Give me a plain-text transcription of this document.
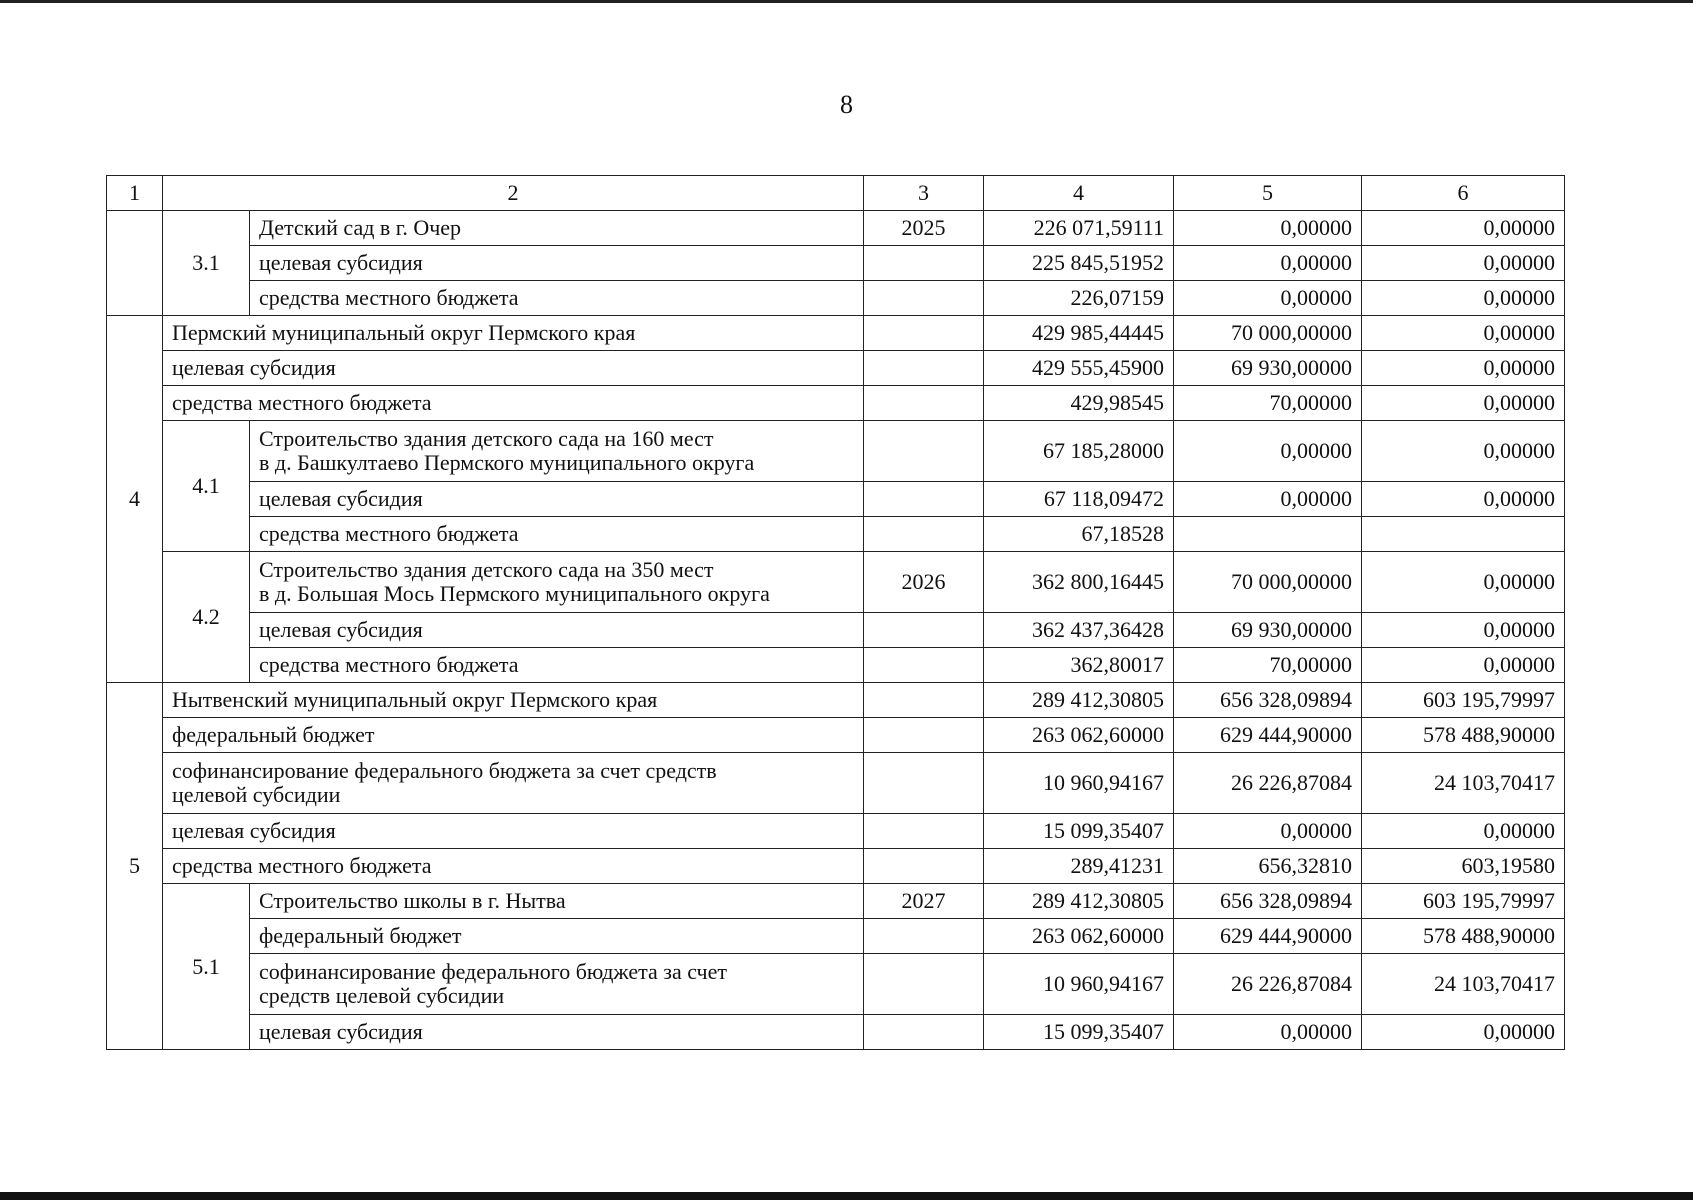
8
1	2		3	4	5	6
	3.1	Детский сад в г. Очер	2025	226 071,59111	0,00000	0,00000
		целевая субсидия		225 845,51952	0,00000	0,00000
		средства местного бюджета		226,07159	0,00000	0,00000
4	Пермский муниципальный округ Пермского края			429 985,44445	70 000,00000	0,00000
	целевая субсидия			429 555,45900	69 930,00000	0,00000
	средства местного бюджета			429,98545	70,00000	0,00000
	4.1	Строительство здания детского сада на 160 мест
в д. Башкултаево Пермского муниципального округа		67 185,28000	0,00000	0,00000
		целевая субсидия		67 118,09472	0,00000	0,00000
		средства местного бюджета		67,18528		
	4.2	Строительство здания детского сада на 350 мест
в д. Большая Мось Пермского муниципального округа	2026	362 800,16445	70 000,00000	0,00000
		целевая субсидия		362 437,36428	69 930,00000	0,00000
		средства местного бюджета		362,80017	70,00000	0,00000
5	Нытвенский муниципальный округ Пермского края			289 412,30805	656 328,09894	603 195,79997
	федеральный бюджет			263 062,60000	629 444,90000	578 488,90000

	софинансирование федерального бюджета за счет средств
целевой субсидии			10 960,94167	26 226,87084	24 103,70417
	целевая субсидия			15 099,35407	0,00000	0,00000
	средства местного бюджета			289,41231	656,32810	603,19580
	5.1	Строительство школы в г. Нытва	2027	289 412,30805	656 328,09894	603 195,79997
		федеральный бюджет		263 062,60000	629 444,90000	578 488,90000

		софинансирование федерального бюджета за счет
средств целевой субсидии		10 960,94167	26 226,87084	24 103,70417
		целевая субсидия		15 099,35407	0,00000	0,00000
